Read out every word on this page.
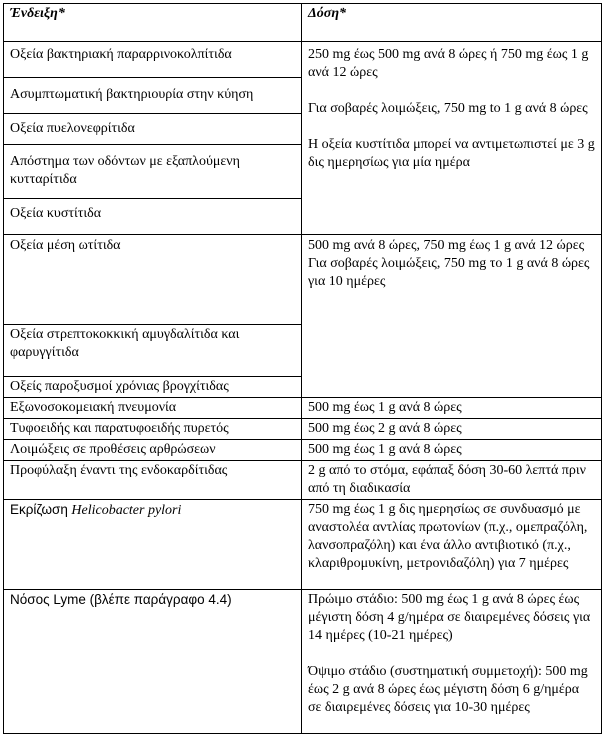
Ένδειξη*	Δόση*
Οξεία βακτηριακή παραρρινοκολπίτιδα	250 mg έως 500 mg ανά 8 ώρες ή 750 mg έως 1 g ανά 12 ώρες

Για σοβαρές λοιμώξεις, 750 mg to 1 g ανά 8 ώρες

Η οξεία κυστίτιδα μπορεί να αντιμετωπιστεί με 3 g δις ημερησίως για μία ημέρα

Ασυμπτωματική βακτηριουρία στην κύηση	
Οξεία πυελονεφρίτιδα	
Απόστημα των οδόντων με εξαπλούμενη κυτταρίτιδα	
Οξεία κυστίτιδα	
Οξεία μέση ωτίτιδα	500 mg ανά 8 ώρες, 750 mg έως 1 g ανά 12 ώρες

Για σοβαρές λοιμώξεις, 750 mg το 1 g ανά 8 ώρες για 10 ημέρες

Οξεία στρεπτοκοκκική αμυγδαλίτιδα και φαρυγγίτιδα	
Οξείς παροξυσμοί χρόνιας βρογχίτιδας	
Εξωνοσοκομειακή πνευμονία	500 mg έως 1 g ανά 8 ώρες
Τυφοειδής και παρατυφοειδής πυρετός	500 mg έως 2 g ανά 8 ώρες
Λοιμώξεις σε προθέσεις αρθρώσεων	500 mg έως 1 g ανά 8 ώρες
Προφύλαξη έναντι της ενδοκαρδίτιδας	2 g από το στόμα, εφάπαξ δόση 30-60 λεπτά πριν από τη διαδικασία
Εκρίζωση Helicobacter pylori	750 mg έως 1 g δις ημερησίως σε συνδυασμό με αναστολέα αντλίας πρωτονίων (π.χ., ομεπραζόλη, λανσοπραζόλη) και ένα άλλο αντιβιοτικό (π.χ., κλαριθρομυκίνη, μετρονιδαζόλη) για 7 ημέρες
Νόσος Lyme (βλέπε παράγραφο 4.4)	Πρώιμο στάδιο: 500 mg έως 1 g ανά 8 ώρες έως μέγιστη δόση 4 g/ημέρα σε διαιρεμένες δόσεις για 14 ημέρες (10-21 ημέρες)

Όψιμο στάδιο (συστηματική συμμετοχή): 500 mg έως 2 g ανά 8 ώρες έως μέγιστη δόση 6 g/ημέρα σε διαιρεμένες δόσεις για 10-30 ημέρες
